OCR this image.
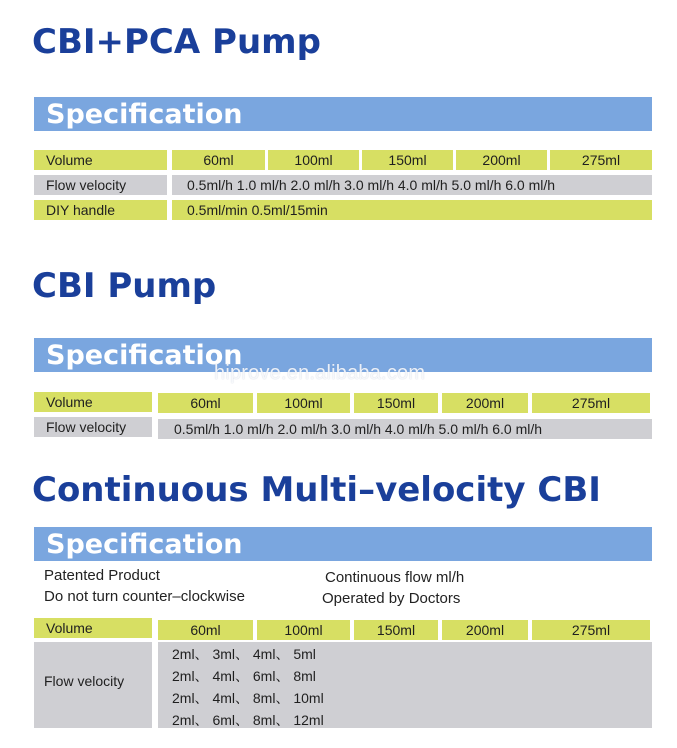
CBI+PCA Pump
Specification
Volume	60ml	100ml	150ml	200ml	275ml
Flow velocity	0.5ml/h 1.0 ml/h 2.0 ml/h 3.0 ml/h 4.0 ml/h 5.0 ml/h 6.0 ml/h
DIY handle	0.5ml/min 0.5ml/15min
CBI Pump
Specification
hiprove.en.alibaba.com
Volume	60ml	100ml	150ml	200ml	275ml
Flow velocity	0.5ml/h 1.0 ml/h 2.0 ml/h 3.0 ml/h 4.0 ml/h 5.0 ml/h 6.0 ml/h
Continuous Multi–velocity CBI
Specification
Patented Product
Do not turn counter–clockwise
Continuous flow ml/h
Operated by Doctors
Volume	60ml	100ml	150ml	200ml	275ml
Flow velocity
2ml、 3ml、 4ml、 5ml
2ml、 4ml、 6ml、 8ml
2ml、 4ml、 8ml、 10ml
2ml、 6ml、 8ml、 12ml
